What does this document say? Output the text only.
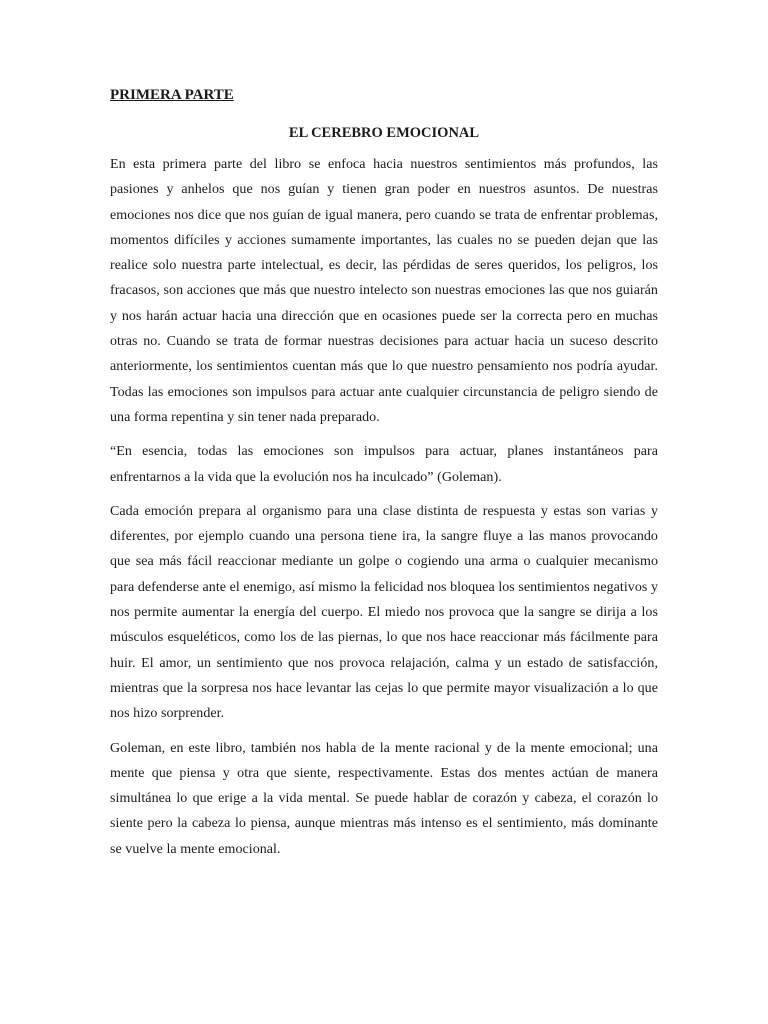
PRIMERA PARTE
EL CEREBRO EMOCIONAL

En esta primera parte del libro se enfoca hacia nuestros sentimientos más profundos, las pasiones y anhelos que nos guían y tienen gran poder en nuestros asuntos. De nuestras emociones nos dice que nos guían de igual manera, pero cuando se trata de enfrentar problemas, momentos difíciles y acciones sumamente importantes, las cuales no se pueden dejan que las realice solo nuestra parte intelectual, es decir, las pérdidas de seres queridos, los peligros, los fracasos, son acciones que más que nuestro intelecto son nuestras emociones las que nos guiarán y nos harán actuar hacia una dirección que en ocasiones puede ser la correcta pero en muchas otras no. Cuando se trata de formar nuestras decisiones para actuar hacia un suceso descrito anteriormente, los sentimientos cuentan más que lo que nuestro pensamiento nos podría ayudar. Todas las emociones son impulsos para actuar ante cualquier circunstancia de peligro siendo de una forma repentina y sin tener nada preparado.

“En esencia, todas las emociones son impulsos para actuar, planes instantáneos para enfrentarnos a la vida que la evolución nos ha inculcado” (Goleman).

Cada emoción prepara al organismo para una clase distinta de respuesta y estas son varias y diferentes, por ejemplo cuando una persona tiene ira, la sangre fluye a las manos provocando que sea más fácil reaccionar mediante un golpe o cogiendo una arma o cualquier mecanismo para defenderse ante el enemigo, así mismo la felicidad nos bloquea los sentimientos negativos y nos permite aumentar la energía del cuerpo. El miedo nos provoca que la sangre se dirija a los músculos esqueléticos, como los de las piernas, lo que nos hace reaccionar más fácilmente para huir. El amor, un sentimiento que nos provoca relajación, calma y un estado de satisfacción, mientras que la sorpresa nos hace levantar las cejas lo que permite mayor visualización a lo que nos hizo sorprender.

Goleman, en este libro, también nos habla de la mente racional y de la mente emocional; una mente que piensa y otra que siente, respectivamente. Estas dos mentes actúan de manera simultánea lo que erige a la vida mental. Se puede hablar de corazón y cabeza, el corazón lo siente pero la cabeza lo piensa, aunque mientras más intenso es el sentimiento, más dominante se vuelve la mente emocional.
